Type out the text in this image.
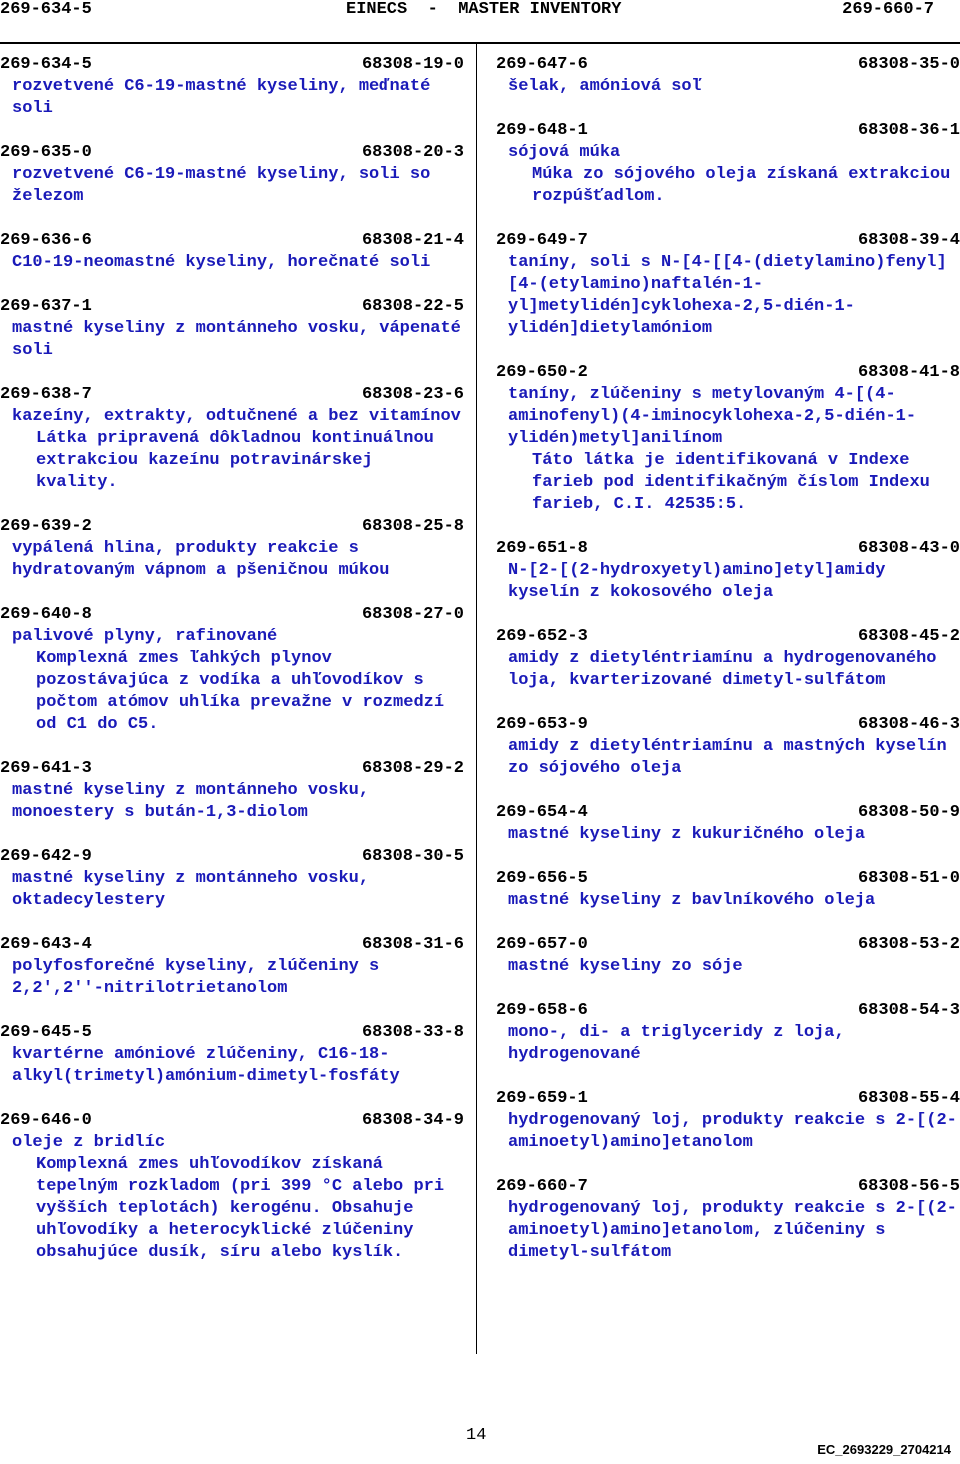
269-634-5	EINECS  -  MASTER INVENTORY	269-660-7
269-634-5	68308-19-0
rozvetvené C6-19-mastné kyseliny, meďnaté soli
269-635-0	68308-20-3
rozvetvené C6-19-mastné kyseliny, soli so železom
269-636-6	68308-21-4
C10-19-neomastné kyseliny, horečnaté soli
269-637-1	68308-22-5
mastné kyseliny z montánneho vosku, vápenaté soli
269-638-7	68308-23-6
kazeíny, extrakty, odtučnené a bez vitamínov
Látka pripravená dôkladnou kontinuálnou extrakciou kazeínu potravinárskej kvality.
269-639-2	68308-25-8
vypálená hlina, produkty reakcie s hydratovaným vápnom a pšeničnou múkou
269-640-8	68308-27-0
palivové plyny, rafinované
Komplexná zmes ľahkých plynov pozostávajúca z vodíka a uhľovodíkov s počtom atómov uhlíka prevažne v rozmedzí od C1 do C5.
269-641-3	68308-29-2
mastné kyseliny z montánneho vosku, monoestery s bután-1,3-diolom
269-642-9	68308-30-5
mastné kyseliny z montánneho vosku, oktadecylestery
269-643-4	68308-31-6
polyfosforečné kyseliny, zlúčeniny s 2,2',2''-nitrilotrietanolom
269-645-5	68308-33-8
kvartérne amóniové zlúčeniny, C16-18-alkyl(trimetyl)amónium-dimetyl-fosfáty
269-646-0	68308-34-9
oleje z bridlíc
Komplexná zmes uhľovodíkov získaná tepelným rozkladom (pri 399 °C alebo pri vyšších teplotách) kerogénu. Obsahuje uhľovodíky a heterocyklické zlúčeniny obsahujúce dusík, síru alebo kyslík.
269-647-6	68308-35-0
šelak, amóniová soľ
269-648-1	68308-36-1
sójová múka
Múka zo sójového oleja získaná extrakciou rozpúšťadlom.
269-649-7	68308-39-4
taníny, soli s N-[4-[[4-(dietylamino)fenyl][4-(etylamino)naftalén-1-yl]metylidén]cyklohexa-2,5-dién-1-ylidén]dietylamóniom
269-650-2	68308-41-8
taníny, zlúčeniny s metylovaným 4-[(4-aminofenyl)(4-iminocyklohexa-2,5-dién-1-ylidén)metyl]anilínom
Táto látka je identifikovaná v Indexe farieb pod identifikačným číslom Indexu farieb, C.I. 42535:5.
269-651-8	68308-43-0
N-[2-[(2-hydroxyetyl)amino]etyl]amidy kyselín z kokosového oleja
269-652-3	68308-45-2
amidy z dietyléntriamínu a hydrogenovaného loja, kvarterizované dimetyl-sulfátom
269-653-9	68308-46-3
amidy z dietyléntriamínu a mastných kyselín zo sójového oleja
269-654-4	68308-50-9
mastné kyseliny z kukuričného oleja
269-656-5	68308-51-0
mastné kyseliny z bavlníkového oleja
269-657-0	68308-53-2
mastné kyseliny zo sóje
269-658-6	68308-54-3
mono-, di- a triglyceridy z loja, hydrogenované
269-659-1	68308-55-4
hydrogenovaný loj, produkty reakcie s 2-[(2-aminoetyl)amino]etanolom
269-660-7	68308-56-5
hydrogenovaný loj, produkty reakcie s 2-[(2-aminoetyl)amino]etanolom, zlúčeniny s dimetyl-sulfátom
14
EC_2693229_2704214
